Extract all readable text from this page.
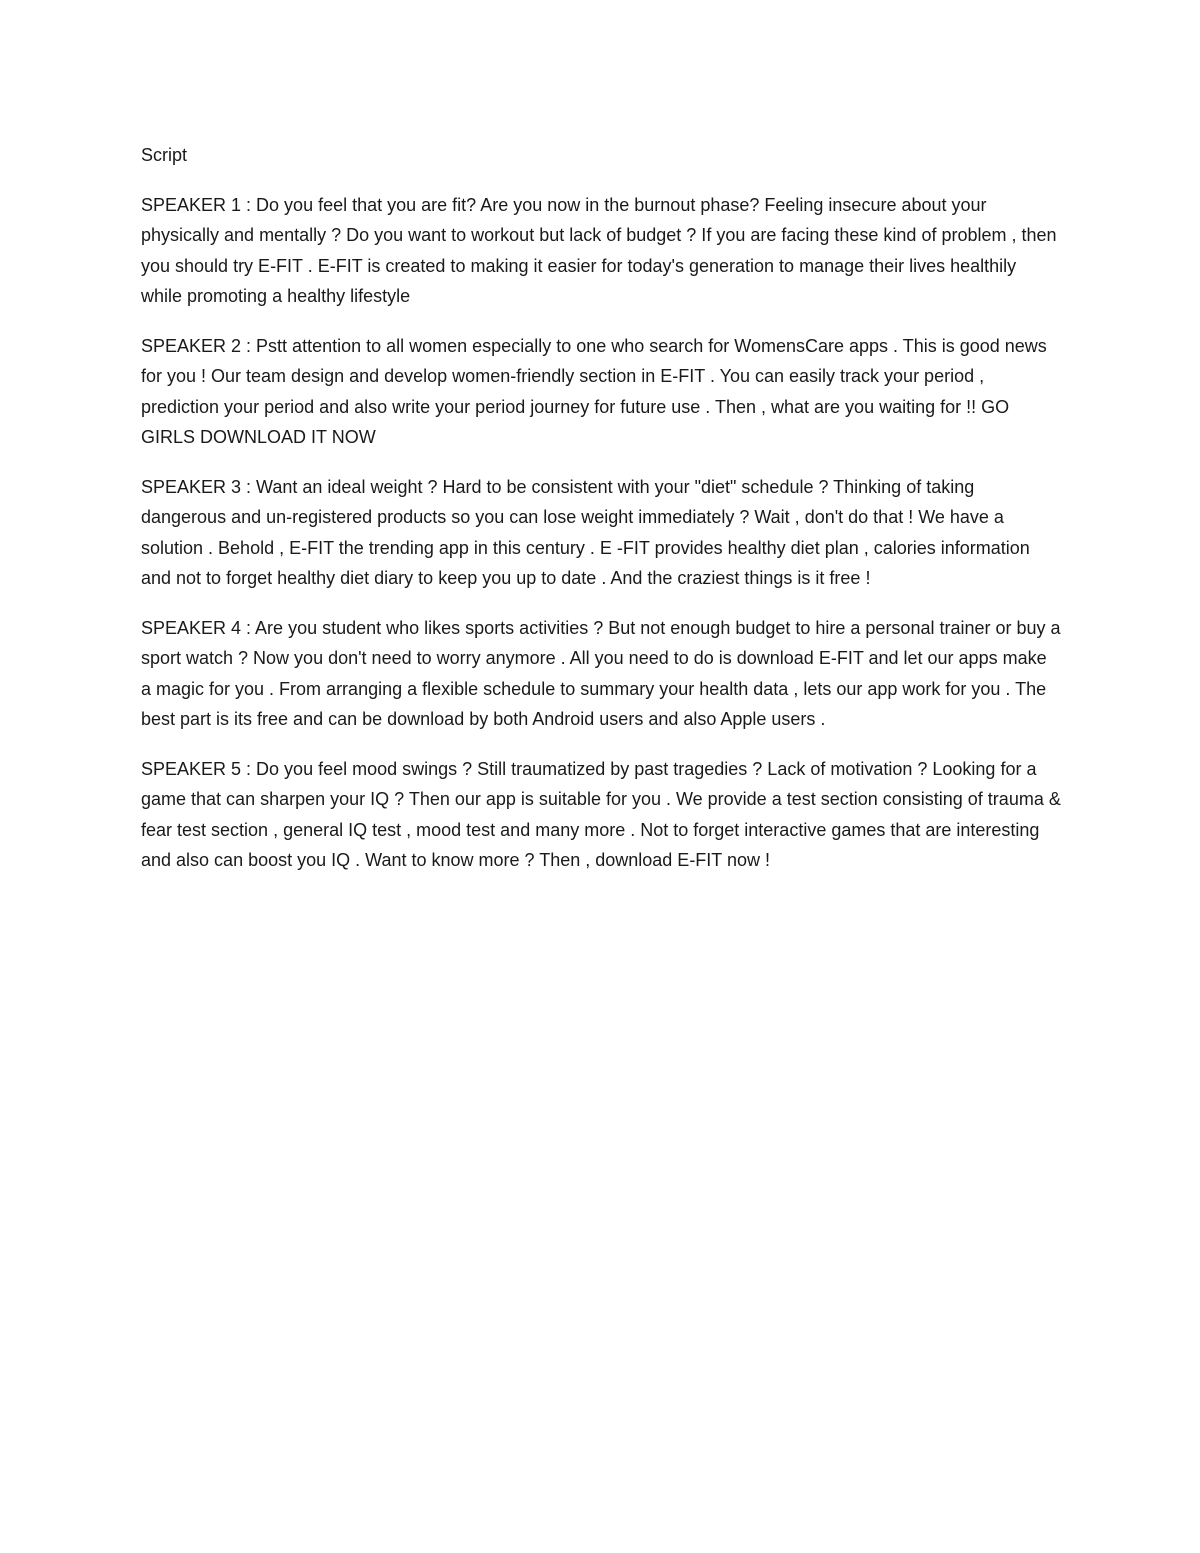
Script

SPEAKER 1 : Do you feel that you are fit? Are you now in the burnout phase? Feeling insecure about your physically and mentally ? Do you want to workout but lack of budget ? If you are facing these kind of problem , then you should try E-FIT . E-FIT is created to making it easier for today's generation to manage their lives healthily while promoting a healthy lifestyle

SPEAKER 2 : Pstt attention to all women especially to one who search for WomensCare apps . This is good news for you ! Our team design and develop women-friendly section in E-FIT . You can easily track your period , prediction your period and also write your period journey for future use . Then , what are you waiting for !! GO GIRLS DOWNLOAD IT NOW

SPEAKER 3 : Want an ideal weight ? Hard to be consistent with your "diet" schedule ? Thinking of taking dangerous and un-registered products so you can lose weight immediately ? Wait , don't do that ! We have a solution . Behold , E-FIT the trending app in this century . E -FIT provides healthy diet plan , calories information and not to forget healthy diet diary to keep you up to date . And the craziest things is it free !

SPEAKER 4 : Are you student who likes sports activities ? But not enough budget to hire a personal trainer or buy a sport watch ? Now you don't need to worry anymore . All you need to do is download E-FIT and let our apps make a magic for you . From arranging a flexible schedule to summary your health data , lets our app work for you . The best part is its free and can be download by both Android users and also Apple users .

SPEAKER 5 : Do you feel mood swings ? Still traumatized by past tragedies ? Lack of motivation ? Looking for a game that can sharpen your IQ ? Then our app is suitable for you . We provide a test section consisting of trauma & fear test section , general IQ test , mood test and many more . Not to forget interactive games that are interesting and also can boost you IQ . Want to know more ? Then , download E-FIT now !
